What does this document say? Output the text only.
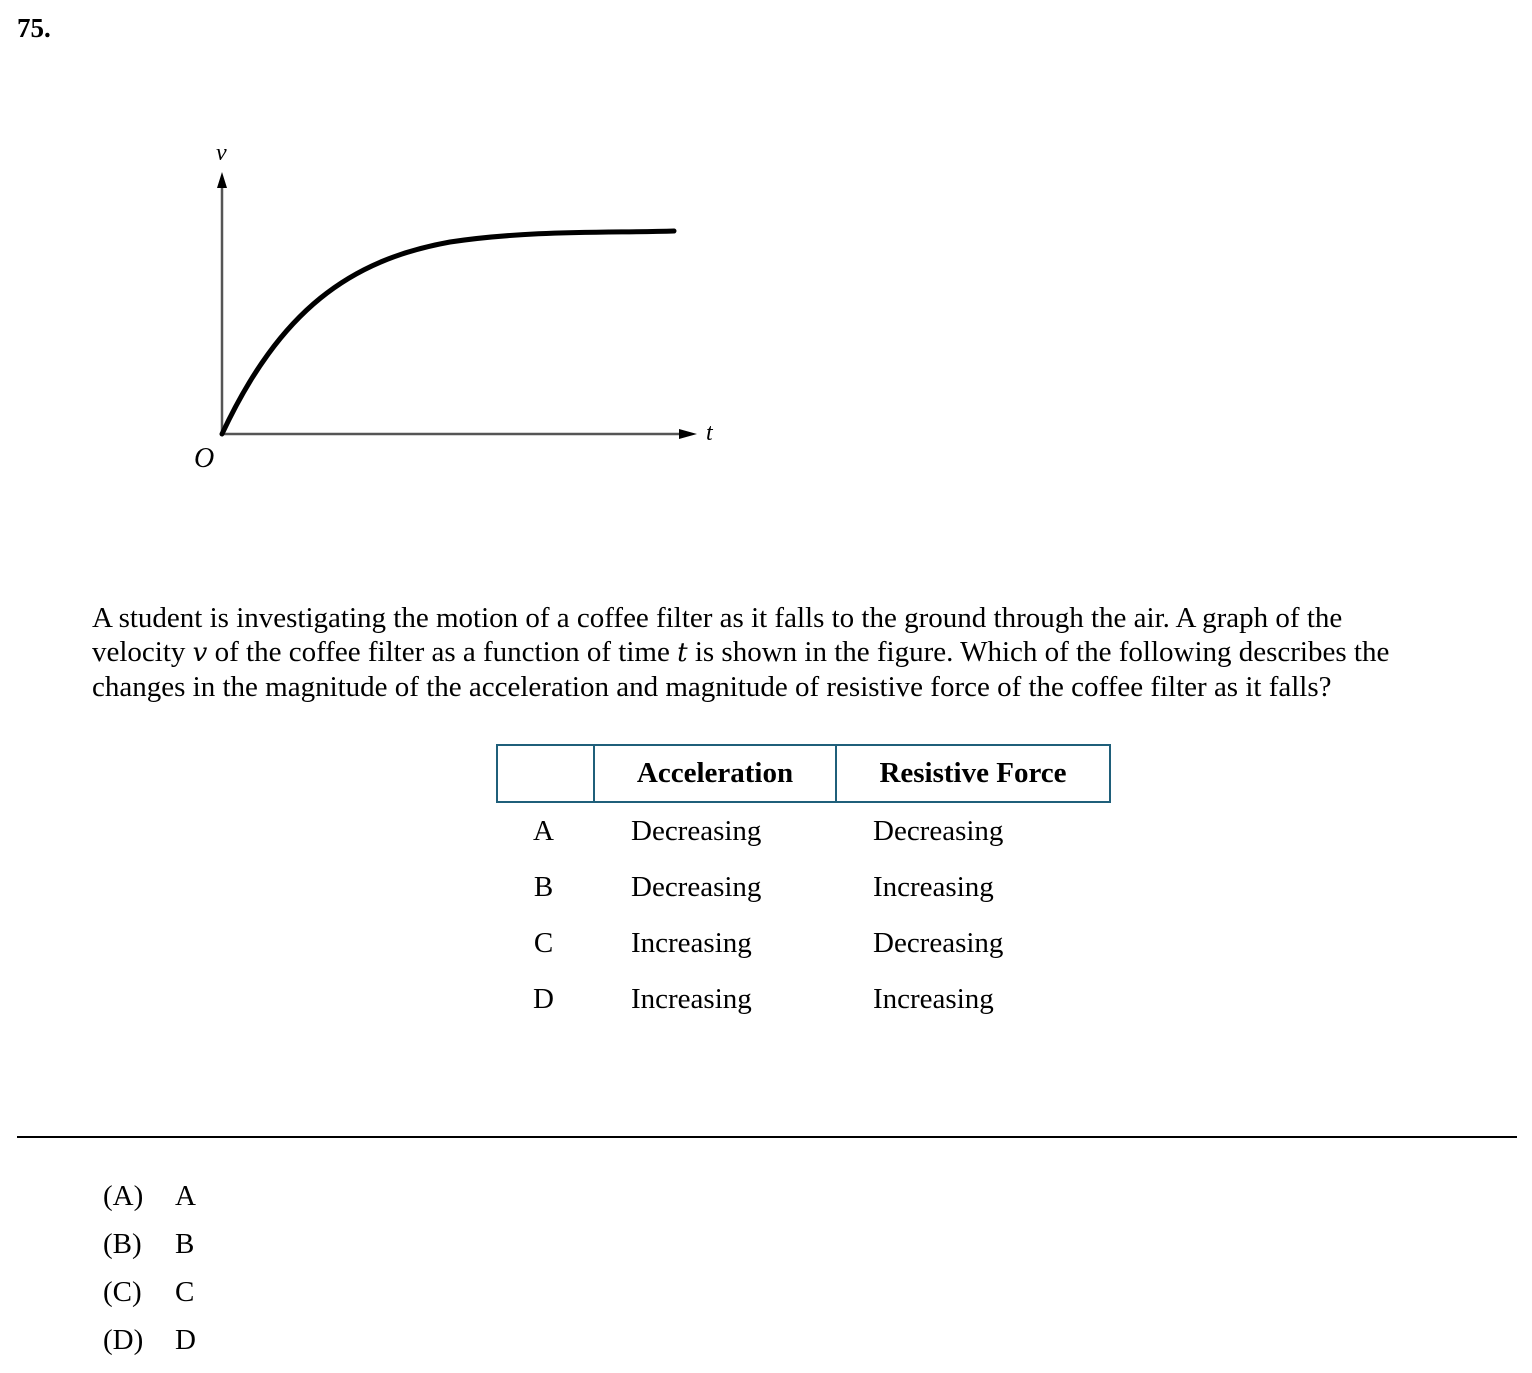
75.
v
t
O
A student is investigating the motion of a coffee filter as it falls to the ground through the air. A graph of the
velocity v of the coffee filter as a function of time t is shown in the figure. Which of the following describes the
changes in the magnitude of the acceleration and magnitude of resistive force of the coffee filter as it falls?
	Acceleration	Resistive Force
A	Decreasing	Decreasing
B	Decreasing	Increasing
C	Increasing	Decreasing
D	Increasing	Increasing
(A)	A
(B)	B
(C)	C
(D)	D
